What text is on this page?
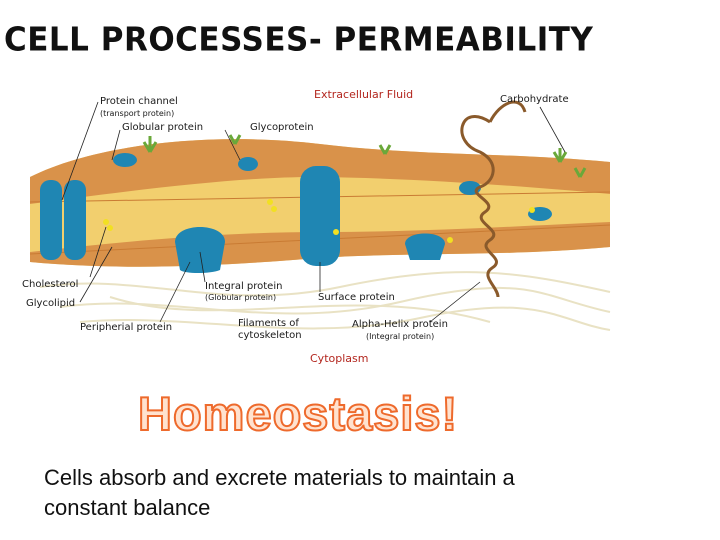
CELL PROCESSES- PERMEABILITY
Protein channel
(transport protein)
Globular protein	Glycoprotein
Extracellular Fluid	Carbohydrate
Cholesterol
Glycolipid
Peripherial protein
Integral protein
(Globular protein)
Filaments of
cytoskeleton
Surface protein
Alpha-Helix protein
(Integral protein)
Cytoplasm
Homeostasis!
Cells absorb and excrete materials to maintain a constant balance
